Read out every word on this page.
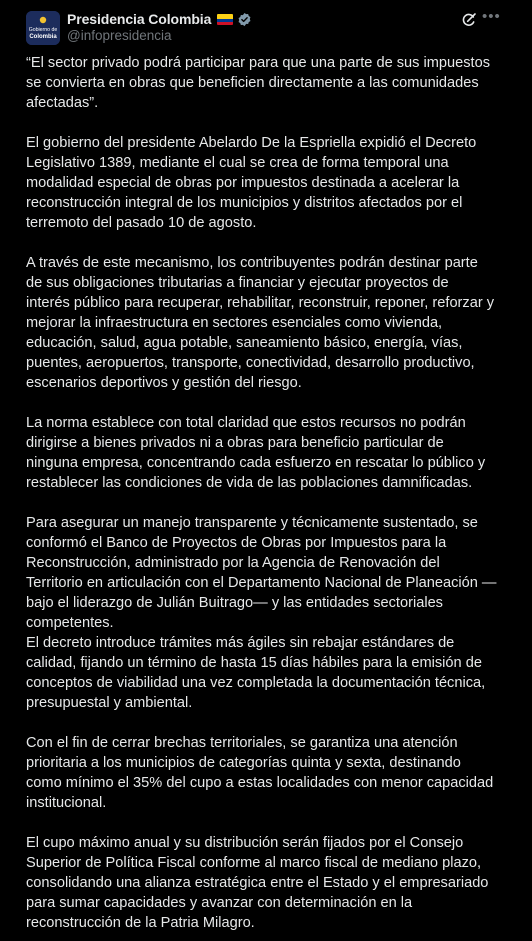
Gobierno de
Colombia
Presidencia Colombia
@infopresidencia
•••

“El sector privado podrá participar para que una parte de sus impuestos
se convierta en obras que beneficien directamente a las comunidades
afectadas”.

El gobierno del presidente Abelardo De la Espriella expidió el Decreto
Legislativo 1389, mediante el cual se crea de forma temporal una
modalidad especial de obras por impuestos destinada a acelerar la
reconstrucción integral de los municipios y distritos afectados por el
terremoto del pasado 10 de agosto.

A través de este mecanismo, los contribuyentes podrán destinar parte
de sus obligaciones tributarias a financiar y ejecutar proyectos de
interés público para recuperar, rehabilitar, reconstruir, reponer, reforzar y
mejorar la infraestructura en sectores esenciales como vivienda,
educación, salud, agua potable, saneamiento básico, energía, vías,
puentes, aeropuertos, transporte, conectividad, desarrollo productivo,
escenarios deportivos y gestión del riesgo.

La norma establece con total claridad que estos recursos no podrán
dirigirse a bienes privados ni a obras para beneficio particular de
ninguna empresa, concentrando cada esfuerzo en rescatar lo público y
restablecer las condiciones de vida de las poblaciones damnificadas.

Para asegurar un manejo transparente y técnicamente sustentado, se
conformó el Banco de Proyectos de Obras por Impuestos para la
Reconstrucción, administrado por la Agencia de Renovación del
Territorio en articulación con el Departamento Nacional de Planeación —
bajo el liderazgo de Julián Buitrago— y las entidades sectoriales
competentes.
El decreto introduce trámites más ágiles sin rebajar estándares de
calidad, fijando un término de hasta 15 días hábiles para la emisión de
conceptos de viabilidad una vez completada la documentación técnica,
presupuestal y ambiental.

Con el fin de cerrar brechas territoriales, se garantiza una atención
prioritaria a los municipios de categorías quinta y sexta, destinando
como mínimo el 35% del cupo a estas localidades con menor capacidad
institucional.

El cupo máximo anual y su distribución serán fijados por el Consejo
Superior de Política Fiscal conforme al marco fiscal de mediano plazo,
consolidando una alianza estratégica entre el Estado y el empresariado
para sumar capacidades y avanzar con determinación en la
reconstrucción de la Patria Milagro.
